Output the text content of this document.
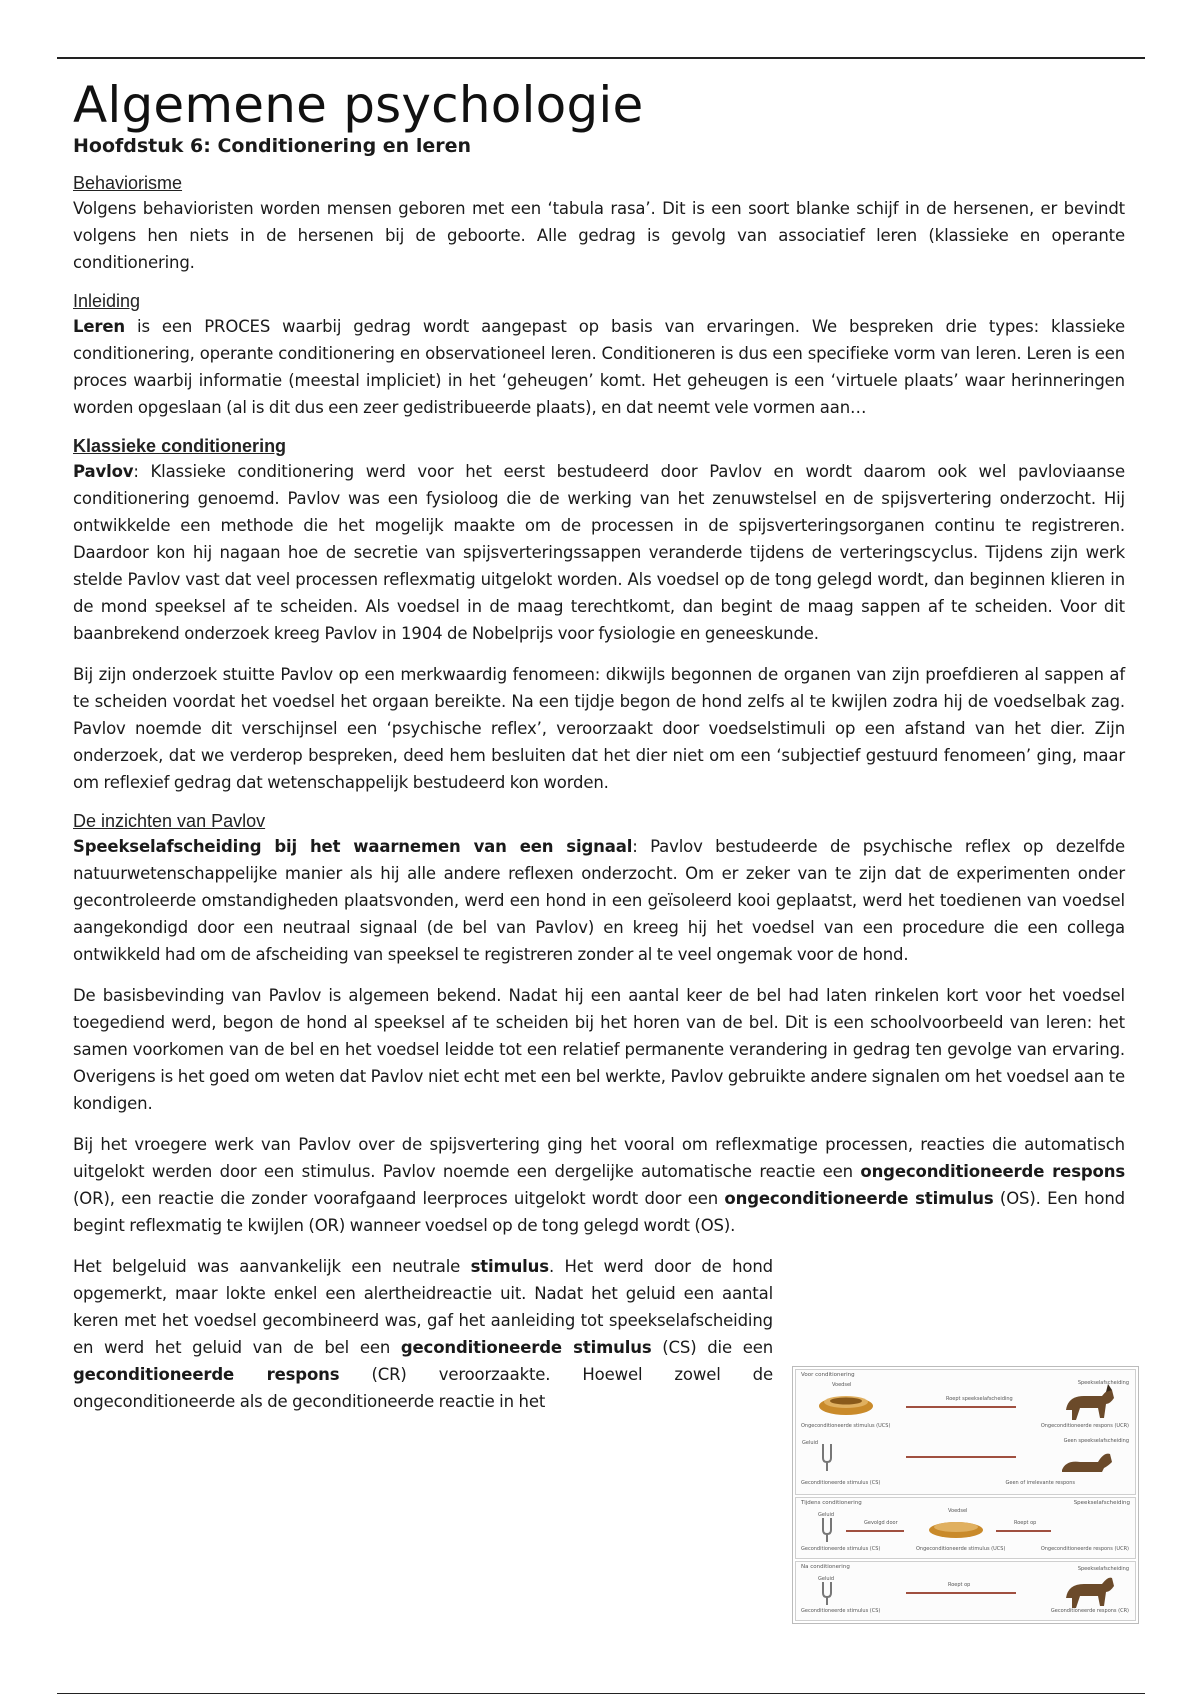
Algemene psychologie
Hoofdstuk 6: Conditionering en leren
Behaviorisme

Volgens behavioristen worden mensen geboren met een ‘tabula rasa’. Dit is een soort blanke schijf in de hersenen, er bevindt volgens hen niets in de hersenen bij de geboorte. Alle gedrag is gevolg van associatief leren (klassieke en operante conditionering.

Inleiding

Leren is een PROCES waarbij gedrag wordt aangepast op basis van ervaringen. We bespreken drie types: klassieke conditionering, operante conditionering en observationeel leren. Conditioneren is dus een specifieke vorm van leren. Leren is een proces waarbij informatie (meestal impliciet) in het ‘geheugen’ komt. Het geheugen is een ‘virtuele plaats’ waar herinneringen worden opgeslaan (al is dit dus een zeer gedistribueerde plaats), en dat neemt vele vormen aan…

Klassieke conditionering

Pavlov: Klassieke conditionering werd voor het eerst bestudeerd door Pavlov en wordt daarom ook wel pavloviaanse conditionering genoemd. Pavlov was een fysioloog die de werking van het zenuwstelsel en de spijsvertering onderzocht. Hij ontwikkelde een methode die het mogelijk maakte om de processen in de spijsverteringsorganen continu te registreren. Daardoor kon hij nagaan hoe de secretie van spijsverteringssappen veranderde tijdens de verteringscyclus. Tijdens zijn werk stelde Pavlov vast dat veel processen reflexmatig uitgelokt worden. Als voedsel op de tong gelegd wordt, dan beginnen klieren in de mond speeksel af te scheiden. Als voedsel in de maag terechtkomt, dan begint de maag sappen af te scheiden. Voor dit baanbrekend onderzoek kreeg Pavlov in 1904 de Nobelprijs voor fysiologie en geneeskunde.

Bij zijn onderzoek stuitte Pavlov op een merkwaardig fenomeen: dikwijls begonnen de organen van zijn proefdieren al sappen af te scheiden voordat het voedsel het orgaan bereikte. Na een tijdje begon de hond zelfs al te kwijlen zodra hij de voedselbak zag. Pavlov noemde dit verschijnsel een ‘psychische reflex’, veroorzaakt door voedselstimuli op een afstand van het dier. Zijn onderzoek, dat we verderop bespreken, deed hem besluiten dat het dier niet om een ‘subjectief gestuurd fenomeen’ ging, maar om reflexief gedrag dat wetenschappelijk bestudeerd kon worden.

De inzichten van Pavlov

Speekselafscheiding bij het waarnemen van een signaal: Pavlov bestudeerde de psychische reflex op dezelfde natuurwetenschappelijke manier als hij alle andere reflexen onderzocht. Om er zeker van te zijn dat de experimenten onder gecontroleerde omstandigheden plaatsvonden, werd een hond in een geïsoleerd kooi geplaatst, werd het toedienen van voedsel aangekondigd door een neutraal signaal (de bel van Pavlov) en kreeg hij het voedsel van een procedure die een collega ontwikkeld had om de afscheiding van speeksel te registreren zonder al te veel ongemak voor de hond.

De basisbevinding van Pavlov is algemeen bekend. Nadat hij een aantal keer de bel had laten rinkelen kort voor het voedsel toegediend werd, begon de hond al speeksel af te scheiden bij het horen van de bel. Dit is een schoolvoorbeeld van leren: het samen voorkomen van de bel en het voedsel leidde tot een relatief permanente verandering in gedrag ten gevolge van ervaring. Overigens is het goed om weten dat Pavlov niet echt met een bel werkte, Pavlov gebruikte andere signalen om het voedsel aan te kondigen.

Bij het vroegere werk van Pavlov over de spijsvertering ging het vooral om reflexmatige processen, reacties die automatisch uitgelokt werden door een stimulus. Pavlov noemde een dergelijke automatische reactie een ongeconditioneerde respons (OR), een reactie die zonder voorafgaand leerproces uitgelokt wordt door een ongeconditioneerde stimulus (OS). Een hond begint reflexmatig te kwijlen (OR) wanneer voedsel op de tong gelegd wordt (OS).

Het belgeluid was aanvankelijk een neutrale stimulus. Het werd door de hond opgemerkt, maar lokte enkel een alertheidreactie uit. Nadat het geluid een aantal keren met het voedsel gecombineerd was, gaf het aanleiding tot speekselafscheiding en werd het geluid van de bel een geconditioneerde stimulus (CS) die een geconditioneerde respons (CR) veroorzaakte. Hoewel zowel de ongeconditioneerde als de geconditioneerde reactie in het

Voor conditionering
Voedsel
Roept speekselafscheiding
Speekselafscheiding
Ongeconditioneerde stimulus (UCS)	Ongeconditioneerde respons (UCR)
Geluid	Geen speekselafscheiding
Geconditioneerde stimulus (CS)	Geen of irrelevante respons
Tijdens conditionering	Speekselafscheiding
Geluid
Gevolgd door
Voedsel
Roept op
Geconditioneerde stimulus (CS)	Ongeconditioneerde stimulus (UCS)	Ongeconditioneerde respons (UCR)
Na conditionering	Speekselafscheiding
Geluid
Roept op
Geconditioneerde stimulus (CS)	Geconditioneerde respons (CR)
